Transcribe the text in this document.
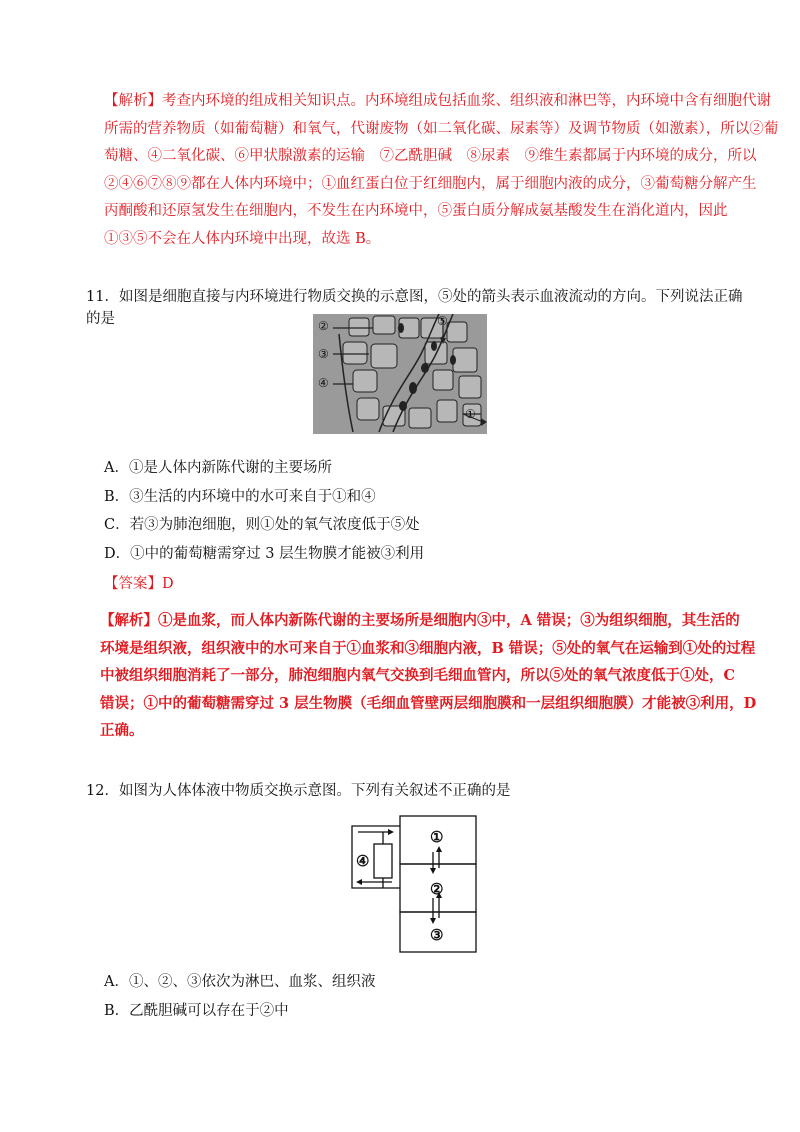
【解析】考查内环境的组成相关知识点。内环境组成包括血浆、组织液和淋巴等，内环境中含有细胞代谢
所需的营养物质（如葡萄糖）和氧气，代谢废物（如二氧化碳、尿素等）及调节物质（如激素），所以②葡
萄糖、④二氧化碳、⑥甲状腺激素的运输　⑦乙酰胆碱　⑧尿素　⑨维生素都属于内环境的成分，所以
②④⑥⑦⑧⑨都在人体内环境中；①血红蛋白位于红细胞内，属于细胞内液的成分，③葡萄糖分解产生
丙酮酸和还原氢发生在细胞内，不发生在内环境中，⑤蛋白质分解成氨基酸发生在消化道内，因此
①③⑤不会在人体内环境中出现，故选 B。
11．如图是细胞直接与内环境进行物质交换的示意图，⑤处的箭头表示血液流动的方向。下列说法正确的是	②
③
④
⑤
①
A．①是人体内新陈代谢的主要场所
B．③生活的内环境中的水可来自于①和④
C．若③为肺泡细胞，则①处的氧气浓度低于⑤处
D．①中的葡萄糖需穿过 3 层生物膜才能被③利用
【答案】D
【解析】①是血浆，而人体内新陈代谢的主要场所是细胞内③中，A 错误；③为组织细胞，其生活的
环境是组织液，组织液中的水可来自于①血浆和③细胞内液，B 错误；⑤处的氧气在运输到①处的过程
中被组织细胞消耗了一部分，肺泡细胞内氧气交换到毛细血管内，所以⑤处的氧气浓度低于①处，C
错误；①中的葡萄糖需穿过 3 层生物膜（毛细血管壁两层细胞膜和一层组织细胞膜）才能被③利用，D
正确。
12．如图为人体体液中物质交换示意图。下列有关叙述不正确的是
①
②
③
④
A．①、②、③依次为淋巴、血浆、组织液
B．乙酰胆碱可以存在于②中
